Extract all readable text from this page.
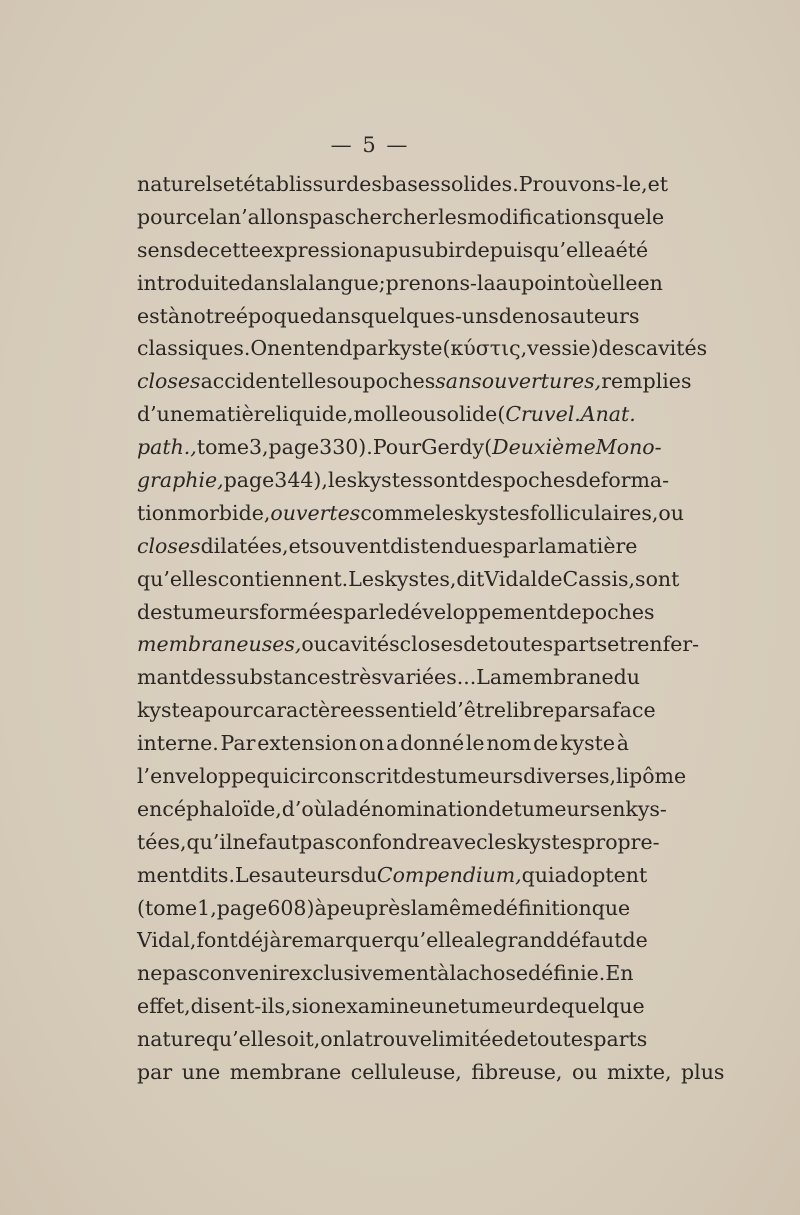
— 5 —
naturels et établis sur des bases solides. Prouvons-le, et
pour cela n’allons pas chercher les modifications que le
sens de cette expression a pu subir depuis qu’elle a été
introduite dans la langue ; prenons-la au point où elle en
est à notre époque dans quelques-uns de nos auteurs
classiques. On entend par kyste (κύστις, vessie) des cavités
closes accidentelles ou poches sans ouvertures, remplies
d’une matière liquide, molle ou solide (Cruvel. Anat.
path., tome 3, page 330). Pour Gerdy (Deuxième Mono-
graphie, page 344), les kystes sont des poches de forma-
tion morbide, ouvertes comme les kystes folliculaires, ou
closes dilatées, et souvent distendues par la matière
qu’elles contiennent. Les kystes, dit Vidal de Cassis, sont
des tumeurs formées par le développement de poches
membraneuses, ou cavités closes de toutes parts et renfer-
mant des substances très variées... La membrane du
kyste a pour caractère essentiel d’être libre par sa face
interne. Par extension on a donné le nom de kyste à
l’enveloppe qui circonscrit des tumeurs diverses, lipôme
encéphaloïde, d’où la dénomination de tumeurs enkys-
tées, qu’il ne faut pas confondre avec les kystes propre-
ment dits. Les auteurs du Compendium, qui adoptent
(tome 1, page 608) à peu près la même définition que
Vidal, font déjà remarquer qu’elle a le grand défaut de
ne pas convenir exclusivement à la chose définie. En
effet, disent-ils, si on examine une tumeur de quelque
nature qu’elle soit, on la trouve limitée de toutes parts
par
une
membrane
celluleuse,
fibreuse,
ou
mixte,
plus
